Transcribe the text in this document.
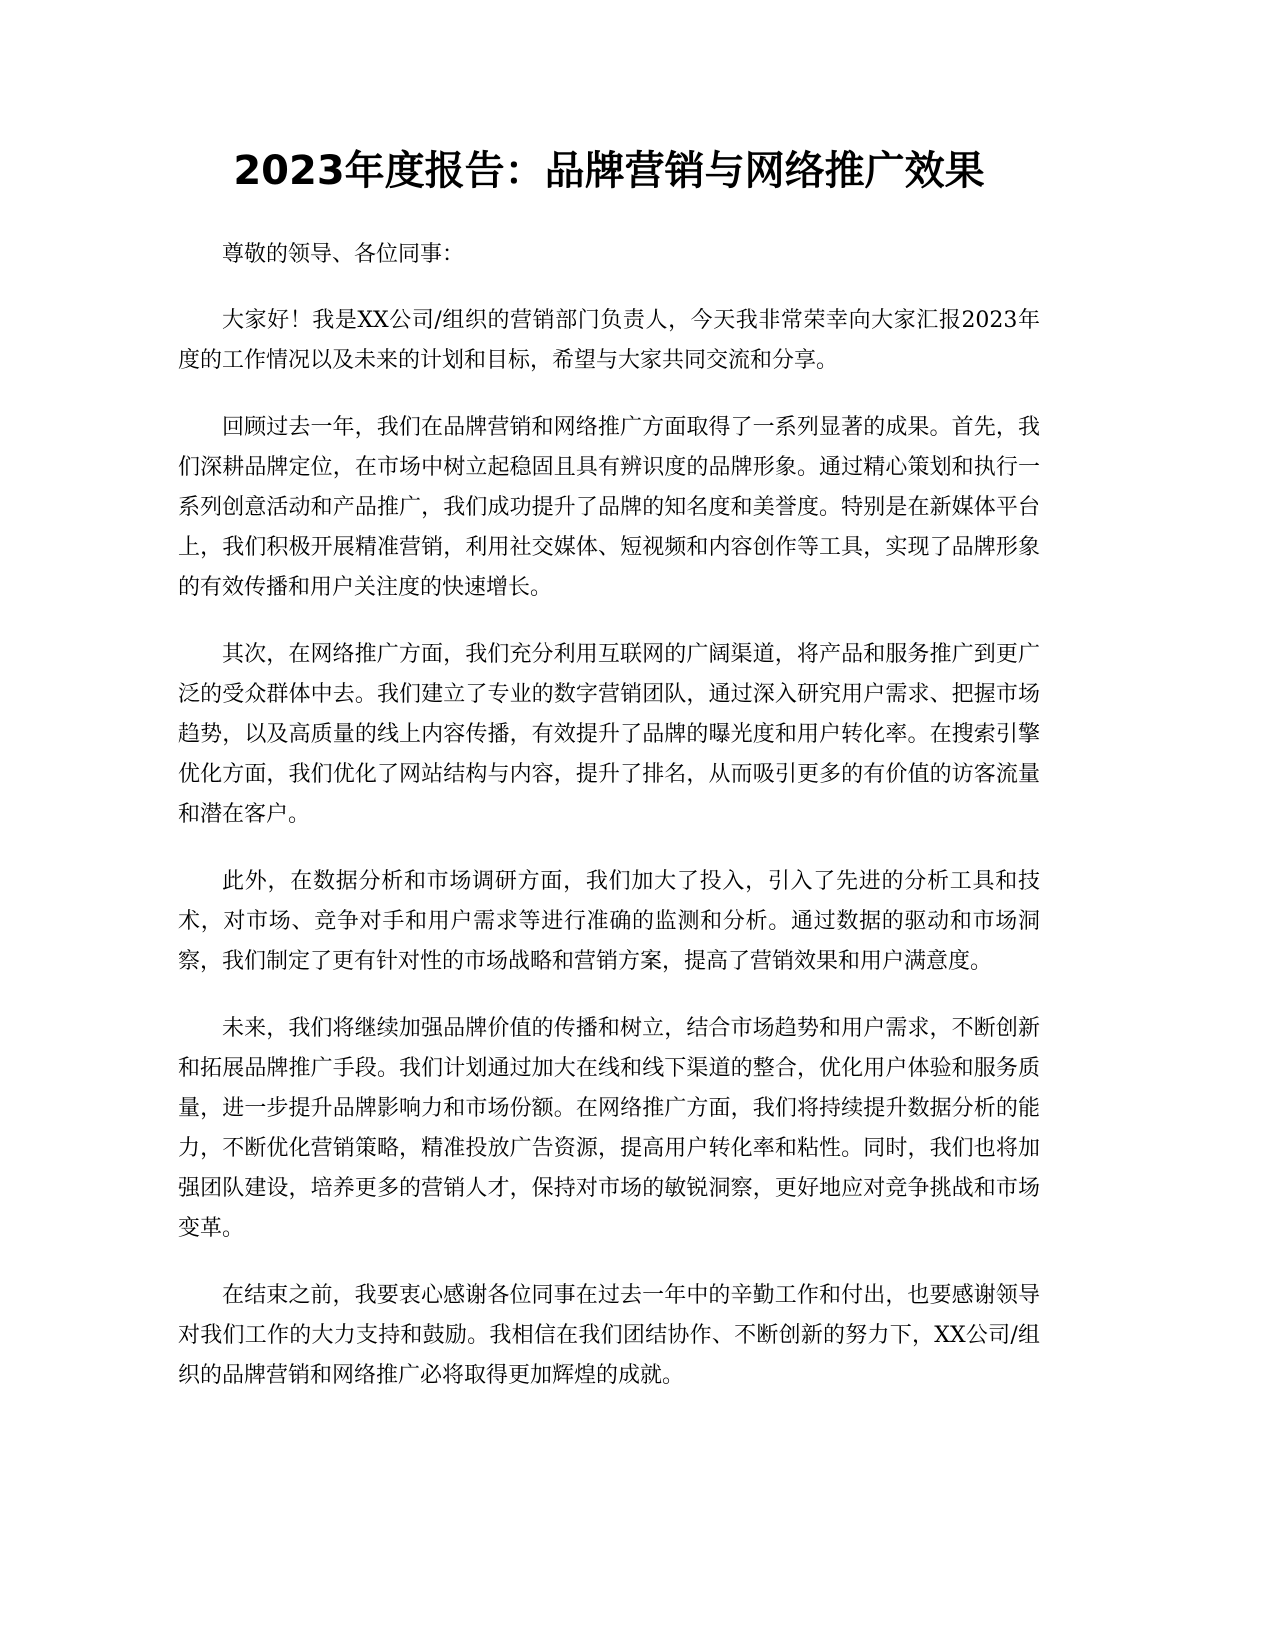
2023年度报告：品牌营销与网络推广效果

尊敬的领导、各位同事：

大家好！我是XX公司/组织的营销部门负责人，今天我非常荣幸向大家汇报2023年度的工作情况以及未来的计划和目标，希望与大家共同交流和分享。

回顾过去一年，我们在品牌营销和网络推广方面取得了一系列显著的成果。首先，我们深耕品牌定位，在市场中树立起稳固且具有辨识度的品牌形象。通过精心策划和执行一系列创意活动和产品推广，我们成功提升了品牌的知名度和美誉度。特别是在新媒体平台上，我们积极开展精准营销，利用社交媒体、短视频和内容创作等工具，实现了品牌形象的有效传播和用户关注度的快速增长。

其次，在网络推广方面，我们充分利用互联网的广阔渠道，将产品和服务推广到更广泛的受众群体中去。我们建立了专业的数字营销团队，通过深入研究用户需求、把握市场趋势，以及高质量的线上内容传播，有效提升了品牌的曝光度和用户转化率。在搜索引擎优化方面，我们优化了网站结构与内容，提升了排名，从而吸引更多的有价值的访客流量和潜在客户。

此外，在数据分析和市场调研方面，我们加大了投入，引入了先进的分析工具和技术，对市场、竞争对手和用户需求等进行准确的监测和分析。通过数据的驱动和市场洞察，我们制定了更有针对性的市场战略和营销方案，提高了营销效果和用户满意度。

未来，我们将继续加强品牌价值的传播和树立，结合市场趋势和用户需求，不断创新和拓展品牌推广手段。我们计划通过加大在线和线下渠道的整合，优化用户体验和服务质量，进一步提升品牌影响力和市场份额。在网络推广方面，我们将持续提升数据分析的能力，不断优化营销策略，精准投放广告资源，提高用户转化率和粘性。同时，我们也将加强团队建设，培养更多的营销人才，保持对市场的敏锐洞察，更好地应对竞争挑战和市场变革。

在结束之前，我要衷心感谢各位同事在过去一年中的辛勤工作和付出，也要感谢领导对我们工作的大力支持和鼓励。我相信在我们团结协作、不断创新的努力下，XX公司/组织的品牌营销和网络推广必将取得更加辉煌的成就。
